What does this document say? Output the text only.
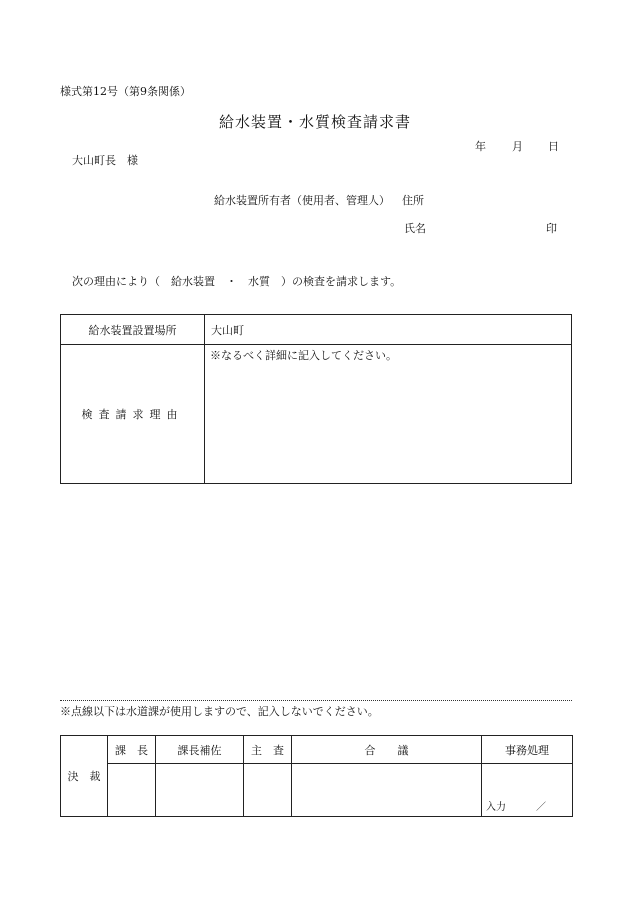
様式第12号（第9条関係）
給水装置・水質検査請求書
年 月 日
大山町長　様
給水装置所有者（使用者、管理人） 住所
氏名	印
次の理由により（　給水装置　・　水質　）の検査を請求します。
給水装置設置場所	大山町
検査請求理由	※なるべく詳細に記入してください。
※点線以下は水道課が使用しますので、記入しないでください。
決　裁	課　長	課長補佐	主　査	合　　議	事務処理

					入力　　　／
